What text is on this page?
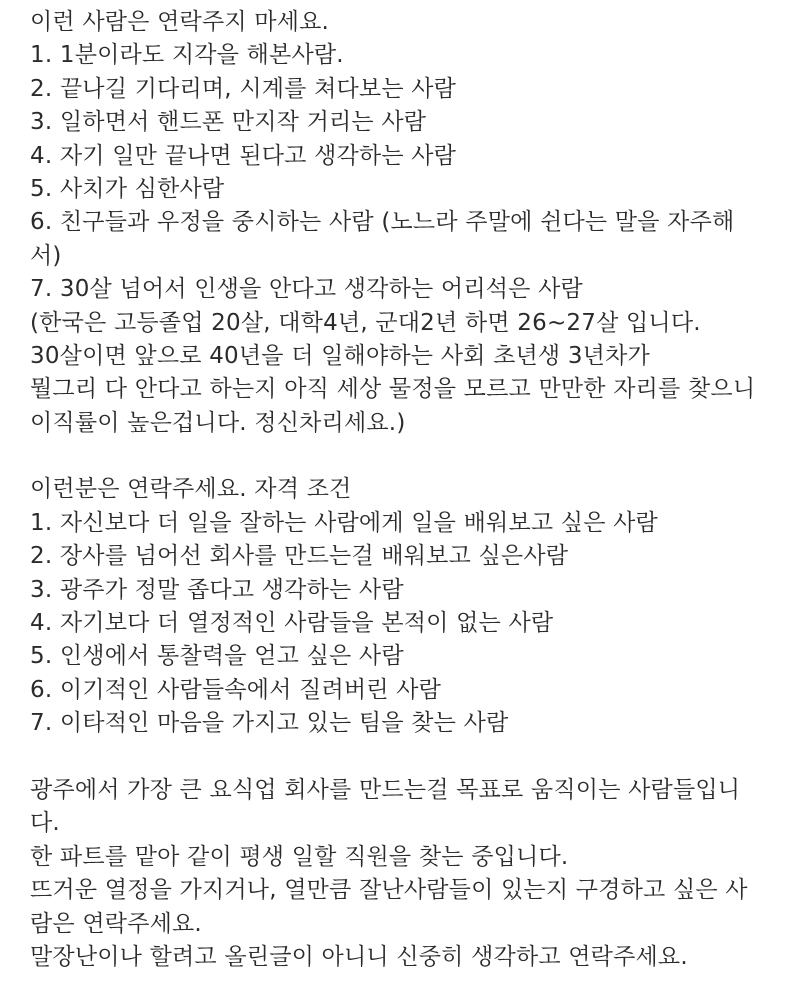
이런 사람은 연락주지 마세요.
1. 1분이라도 지각을 해본사람.
2. 끝나길 기다리며, 시계를 쳐다보는 사람
3. 일하면서 핸드폰 만지작 거리는 사람
4. 자기 일만 끝나면 된다고 생각하는 사람
5. 사치가 심한사람
6. 친구들과 우정을 중시하는 사람 (노느라 주말에 쉰다는 말을 자주해
서)
7. 30살 넘어서 인생을 안다고 생각하는 어리석은 사람
(한국은 고등졸업 20살, 대학4년, 군대2년 하면 26~27살 입니다.
30살이면 앞으로 40년을 더 일해야하는 사회 초년생 3년차가
뭘그리 다 안다고 하는지 아직 세상 물정을 모르고 만만한 자리를 찾으니
이직률이 높은겁니다. 정신차리세요.)
이런분은 연락주세요. 자격 조건
1. 자신보다 더 일을 잘하는 사람에게 일을 배워보고 싶은 사람
2. 장사를 넘어선 회사를 만드는걸 배워보고 싶은사람
3. 광주가 정말 좁다고 생각하는 사람
4. 자기보다 더 열정적인 사람들을 본적이 없는 사람
5. 인생에서 통찰력을 얻고 싶은 사람
6. 이기적인 사람들속에서 질려버린 사람
7. 이타적인 마음을 가지고 있는 팀을 찾는 사람
광주에서 가장 큰 요식업 회사를 만드는걸 목표로 움직이는 사람들입니
다.
한 파트를 맡아 같이 평생 일할 직원을 찾는 중입니다.
뜨거운 열정을 가지거나, 열만큼 잘난사람들이 있는지 구경하고 싶은 사
람은 연락주세요.
말장난이나 할려고 올린글이 아니니 신중히 생각하고 연락주세요.
